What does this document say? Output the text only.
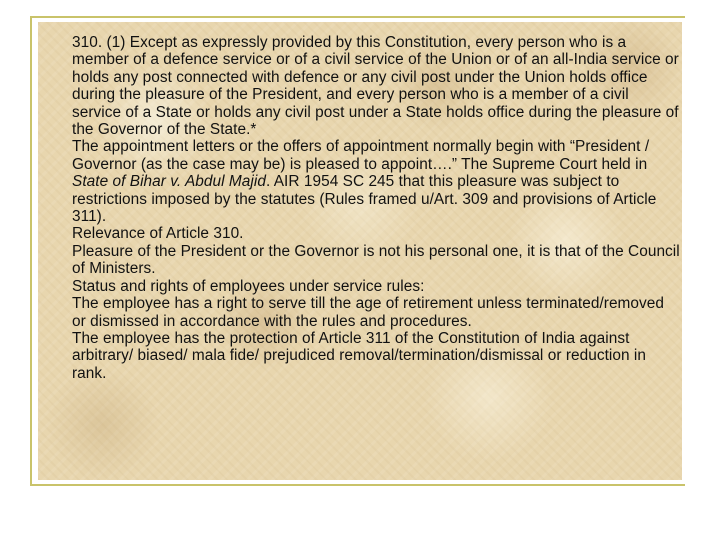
310. (1) Except as expressly provided by this Constitution, every person who is a member of a defence service or of a civil service of the Union or of an all-India service or holds any post connected with defence or any civil post under the Union holds office during the pleasure of the President, and every person who is a member of a civil service of a State or holds any civil post under a State holds office during the pleasure of the Governor of the State.*

The appointment letters or the offers of appointment normally begin with “President / Governor (as the case may be) is pleased to appoint….” The Supreme Court held in State of Bihar v. Abdul Majid. AIR 1954 SC 245 that this pleasure was subject to restrictions imposed by the statutes (Rules framed u/Art. 309 and provisions of Article 311).

Relevance of Article 310.

Pleasure of the President or the Governor is not his personal one, it is that of the Council of Ministers.

Status and rights of employees under service rules:

The employee has a right to serve till the age of retirement unless terminated/removed or dismissed in accordance with the rules and procedures.

The employee has the protection of Article 311 of the Constitution of India against arbitrary/ biased/ mala fide/ prejudiced removal/termination/dismissal or reduction in rank.
